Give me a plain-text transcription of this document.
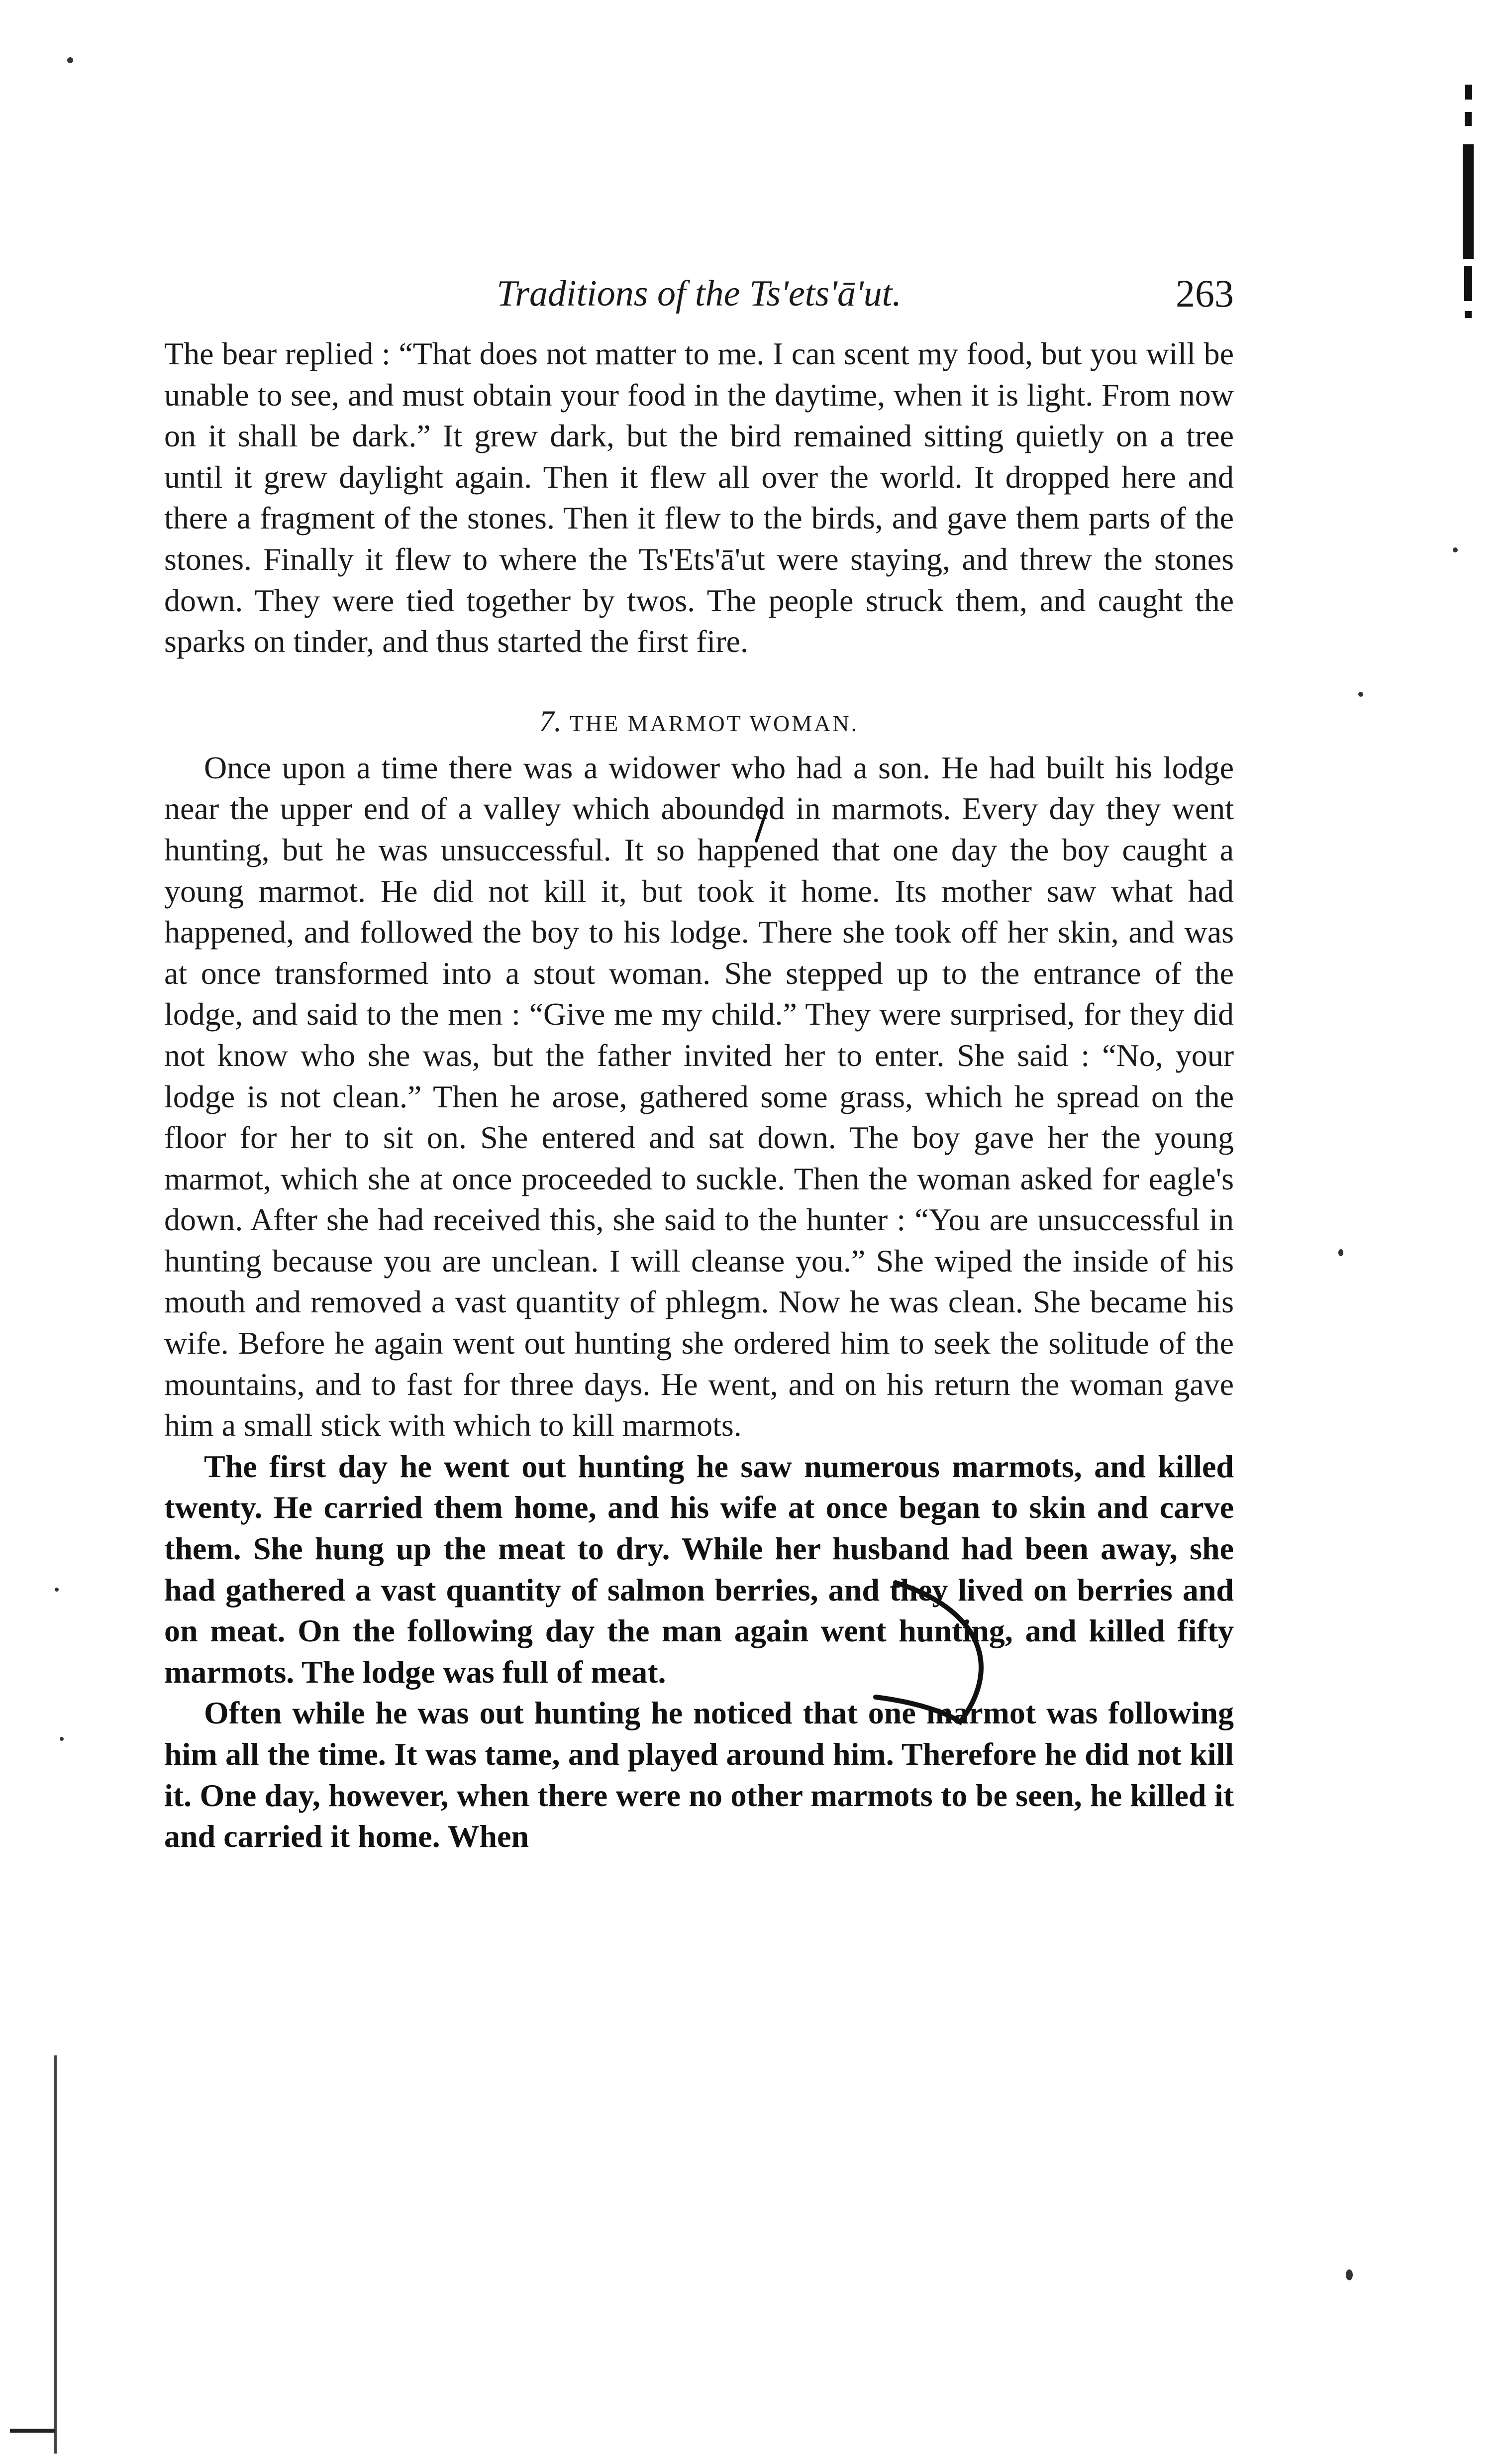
Traditions of the Ts'ets'ā'ut.	263

The bear replied : “That does not matter to me. I can scent my food, but you will be unable to see, and must obtain your food in the daytime, when it is light. From now on it shall be dark.” It grew dark, but the bird remained sitting quietly on a tree until it grew daylight again. Then it flew all over the world. It dropped here and there a fragment of the stones. Then it flew to the birds, and gave them parts of the stones. Finally it flew to where the Ts'Ets'ā'ut were staying, and threw the stones down. They were tied together by twos. The people struck them, and caught the sparks on tinder, and thus started the first fire.

7. THE MARMOT WOMAN.

Once upon a time there was a widower who had a son. He had built his lodge near the upper end of a valley which abounded in marmots. Every day they went hunting, but he was unsuccessful. It so happened that one day the boy caught a young marmot. He did not kill it, but took it home. Its mother saw what had happened, and followed the boy to his lodge. There she took off her skin, and was at once transformed into a stout woman. She stepped up to the entrance of the lodge, and said to the men : “Give me my child.” They were surprised, for they did not know who she was, but the father invited her to enter. She said : “No, your lodge is not clean.” Then he arose, gathered some grass, which he spread on the floor for her to sit on. She entered and sat down. The boy gave her the young marmot, which she at once proceeded to suckle. Then the woman asked for eagle's down. After she had received this, she said to the hunter : “You are unsuccessful in hunting because you are unclean. I will cleanse you.” She wiped the inside of his mouth and removed a vast quantity of phlegm. Now he was clean. She became his wife. Before he again went out hunting she ordered him to seek the solitude of the mountains, and to fast for three days. He went, and on his return the woman gave him a small stick with which to kill marmots.

The first day he went out hunting he saw numerous marmots, and killed twenty. He carried them home, and his wife at once began to skin and carve them. She hung up the meat to dry. While her husband had been away, she had gathered a vast quantity of salmon berries, and they lived on berries and on meat. On the following day the man again went hunting, and killed fifty marmots. The lodge was full of meat.

Often while he was out hunting he noticed that one marmot was following him all the time. It was tame, and played around him. Therefore he did not kill it. One day, however, when there were no other marmots to be seen, he killed it and carried it home. When
